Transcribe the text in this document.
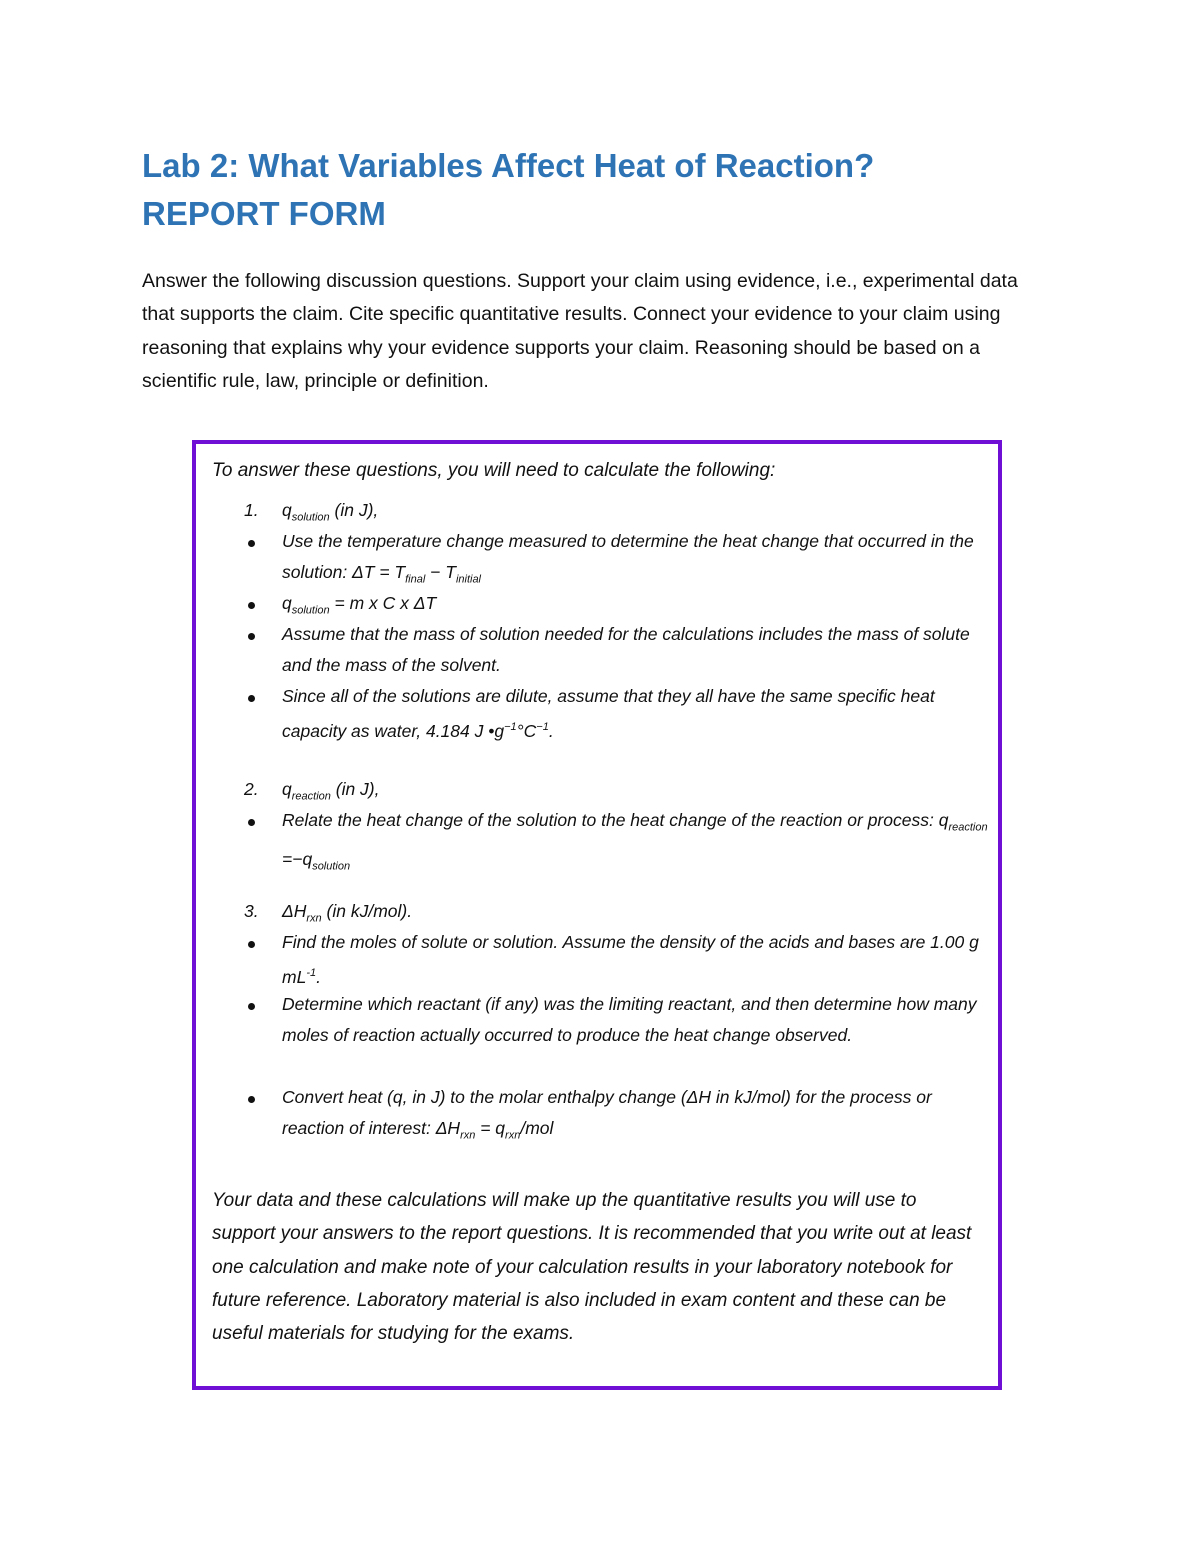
Lab 2: What Variables Affect Heat of Reaction?
REPORT FORM

Answer the following discussion questions. Support your claim using evidence, i.e., experimental data that supports the claim. Cite specific quantitative results. Connect your evidence to your claim using reasoning that explains why your evidence supports your claim. Reasoning should be based on a scientific rule, law, principle or definition.

To answer these questions, you will need to calculate the following:
1.	$q_{solution}$ (in J),
Use the temperature change measured to determine the heat change that occurred in the solution: $\Delta T = T_{final} - T_{initial}$
$q_{solution} = m$ x C x ΔT
Assume that the mass of solution needed for the calculations includes the mass of solute and the mass of the solvent.
Since all of the solutions are dilute, assume that they all have the same specific heat capacity as water, 4.184 J $•g^{-1}^\circ C^{-1}$.
2.	$q_{reaction}$ (in J),
Relate the heat change of the solution to the heat change of the reaction or process: $q_{reaction} =-q_{solution}$
3.	$\Delta H_{rxn}$ (in kJ/mol).
Find the moles of solute or solution. Assume the density of the acids and bases are 1.00 g $mL^{-1}$.
Determine which reactant (if any) was the limiting reactant, and then determine how many moles of reaction actually occurred to produce the heat change observed.
Convert heat (q, in J) to the molar enthalpy change (ΔH in kJ/mol) for the process or reaction of interest: $\Delta H_{rxn} = q_{rxn}/mol$

Your data and these calculations will make up the quantitative results you will use to support your answers to the report questions. It is recommended that you write out at least one calculation and make note of your calculation results in your laboratory notebook for future reference. Laboratory material is also included in exam content and these can be useful materials for studying for the exams.
